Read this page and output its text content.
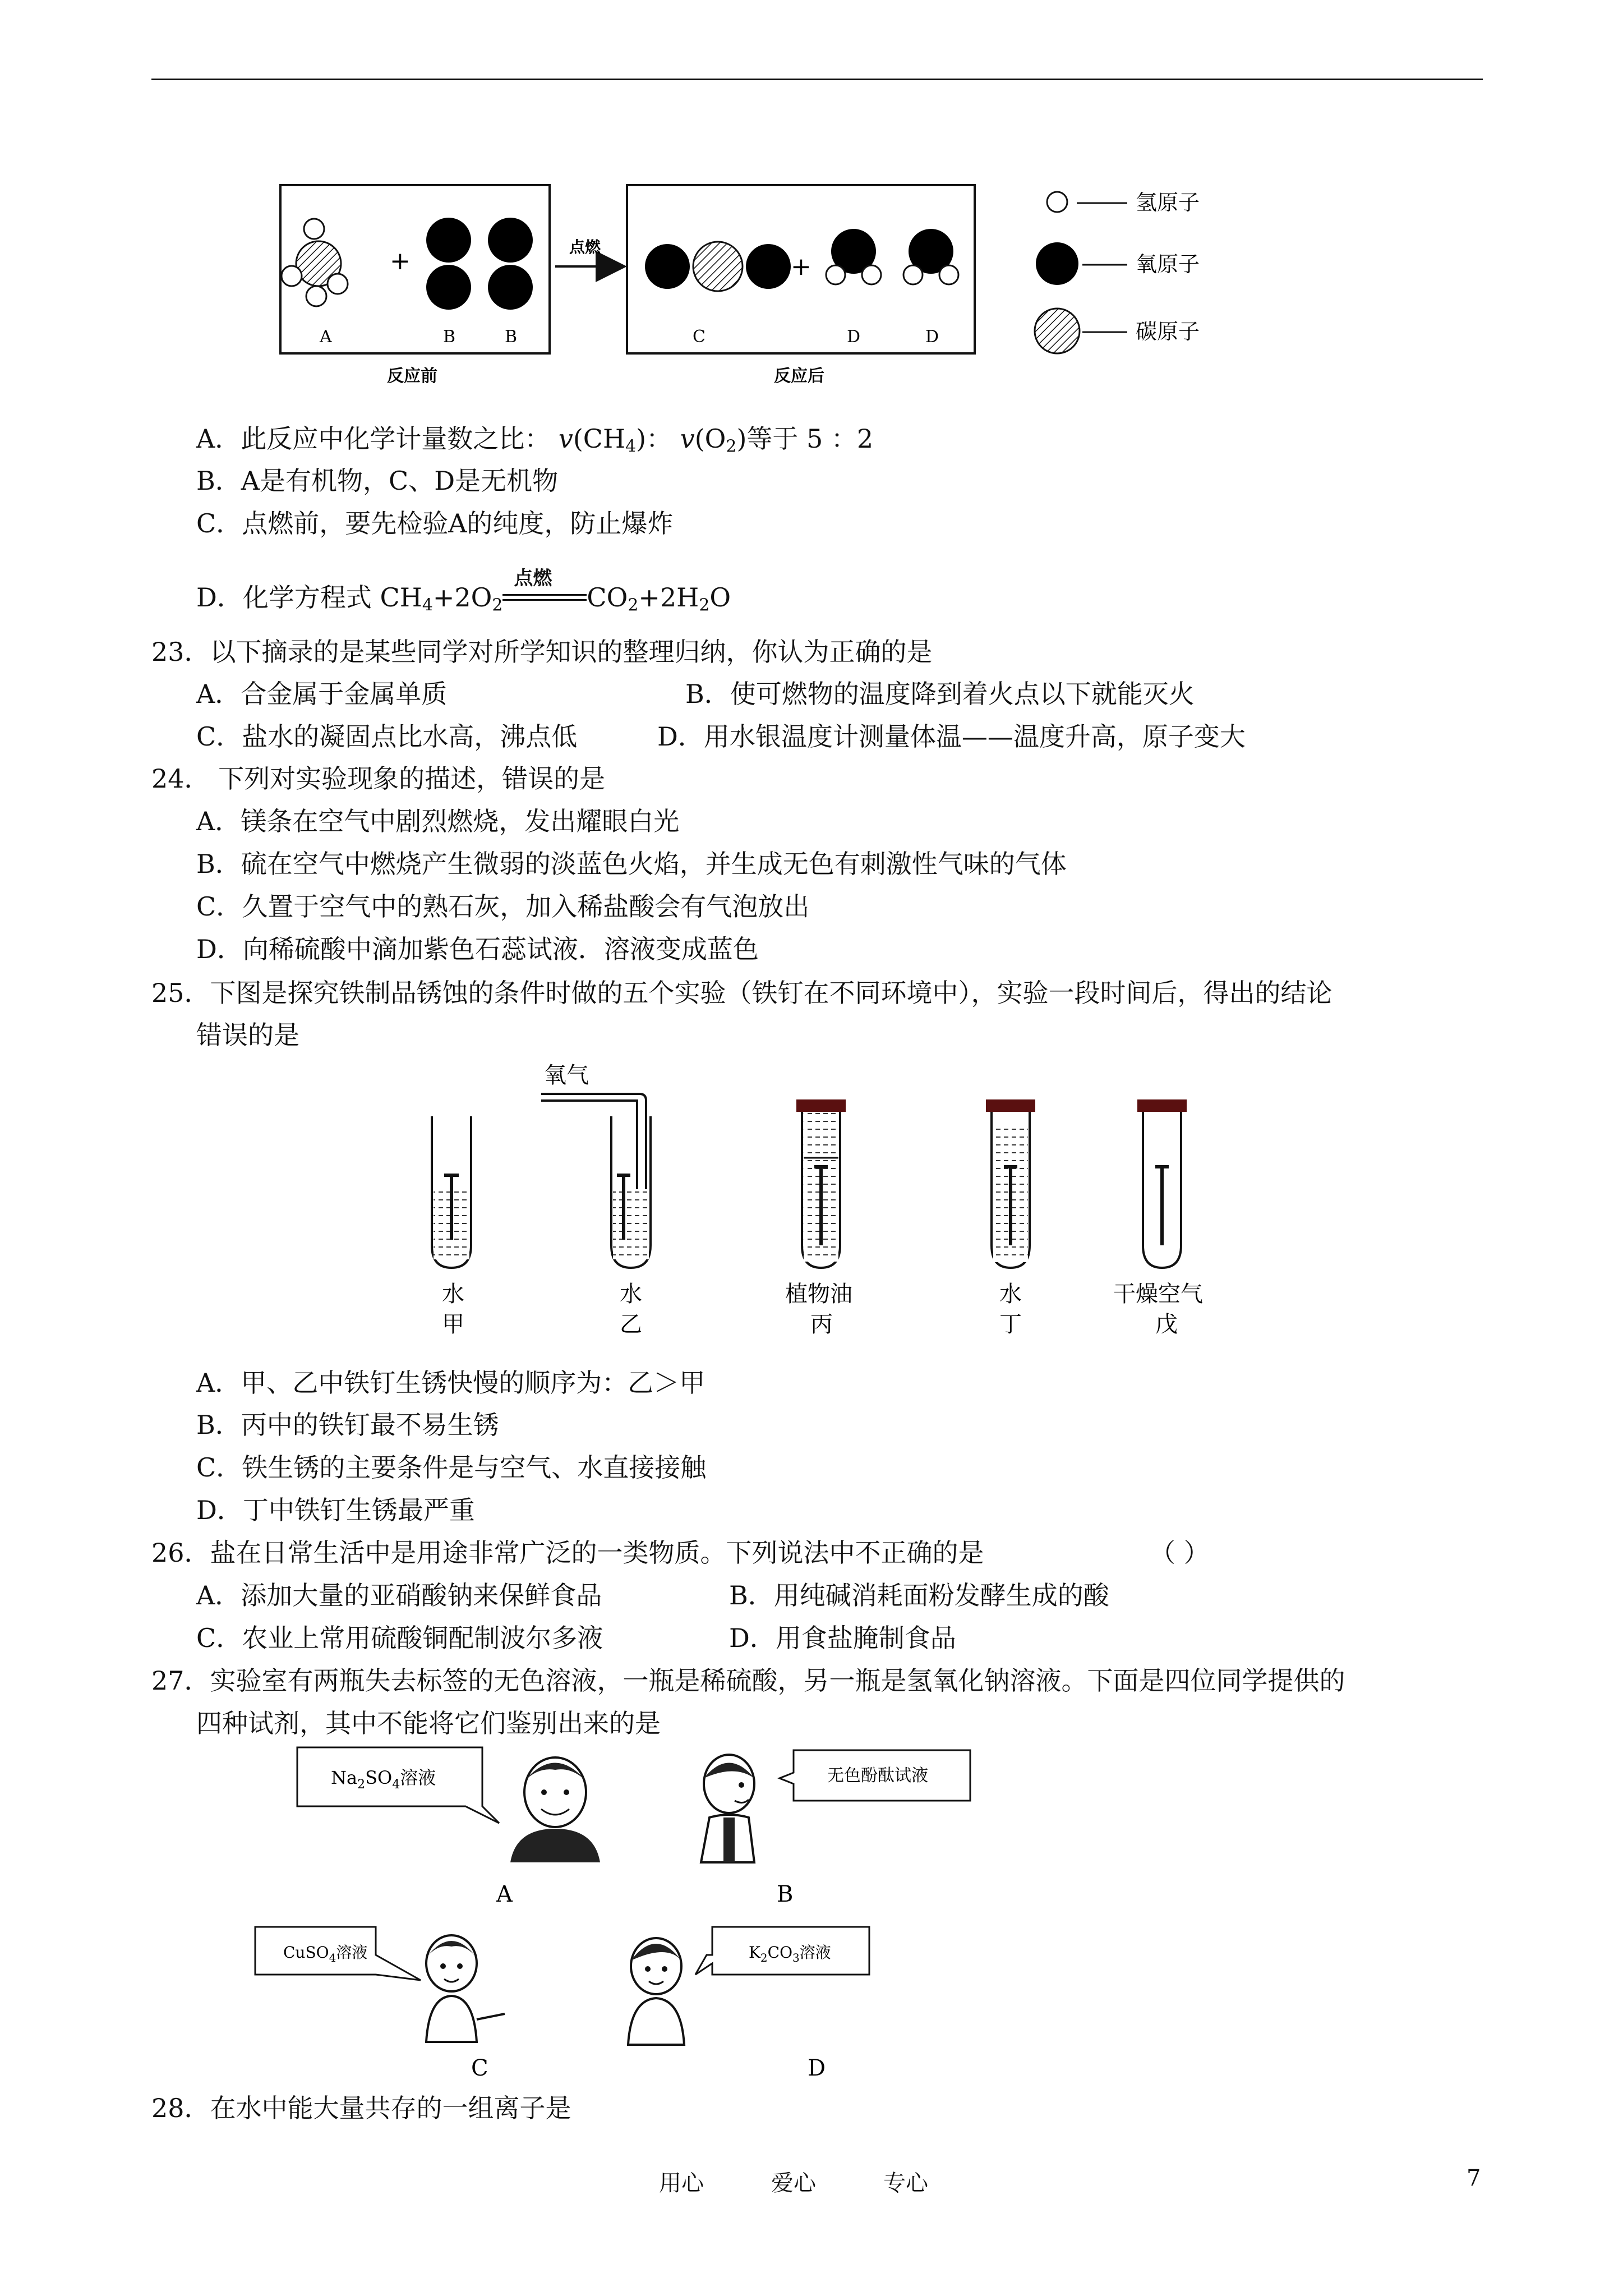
+
A	B	B
反应前
点燃
+
C	D	D
反应后
氢原子
氧原子
碳原子
A．此反应中化学计量数之比： $v(CH_4)$： $v(O_2)$等于 5 ：2
B．A是有机物，C、D是无机物
C．点燃前，要先检验A的纯度，防止爆炸
D．化学方程式 $CH_4+2O_2$
点燃
$CO_2+2H_2O$
23．以下摘录的是某些同学对所学知识的整理归纳，你认为正确的是
A．合金属于金属单质	B．使可燃物的温度降到着火点以下就能灭火
C．盐水的凝固点比水高，沸点低	D．用水银温度计测量体温——温度升高，原子变大
24． 下列对实验现象的描述，错误的是
A．镁条在空气中剧烈燃烧，发出耀眼白光
B．硫在空气中燃烧产生微弱的淡蓝色火焰，并生成无色有刺激性气味的气体
C．久置于空气中的熟石灰，加入稀盐酸会有气泡放出
D．向稀硫酸中滴加紫色石蕊试液．溶液变成蓝色
25．下图是探究铁制品锈蚀的条件时做的五个实验（铁钉在不同环境中），实验一段时间后，得出的结论
错误的是
氧气
水
甲
水
乙
植物油
丙
水
丁
干燥空气
戊
A．甲、乙中铁钉生锈快慢的顺序为：乙＞甲
B．丙中的铁钉最不易生锈
C．铁生锈的主要条件是与空气、水直接接触
D．丁中铁钉生锈最严重
26．盐在日常生活中是用途非常广泛的一类物质。下列说法中不正确的是	（ ）
A．添加大量的亚硝酸钠来保鲜食品	B．用纯碱消耗面粉发酵生成的酸
C．农业上常用硫酸铜配制波尔多液	D．用食盐腌制食品
27．实验室有两瓶失去标签的无色溶液，一瓶是稀硫酸，另一瓶是氢氧化钠溶液。下面是四位同学提供的
四种试剂，其中不能将它们鉴别出来的是
$Na_2SO_4$溶液	无色酚酞试液
A	B
CuSO$_4$溶液	$K_2CO_3$溶液
C	D
28．在水中能大量共存的一组离子是
用心	爱心	专心	7
